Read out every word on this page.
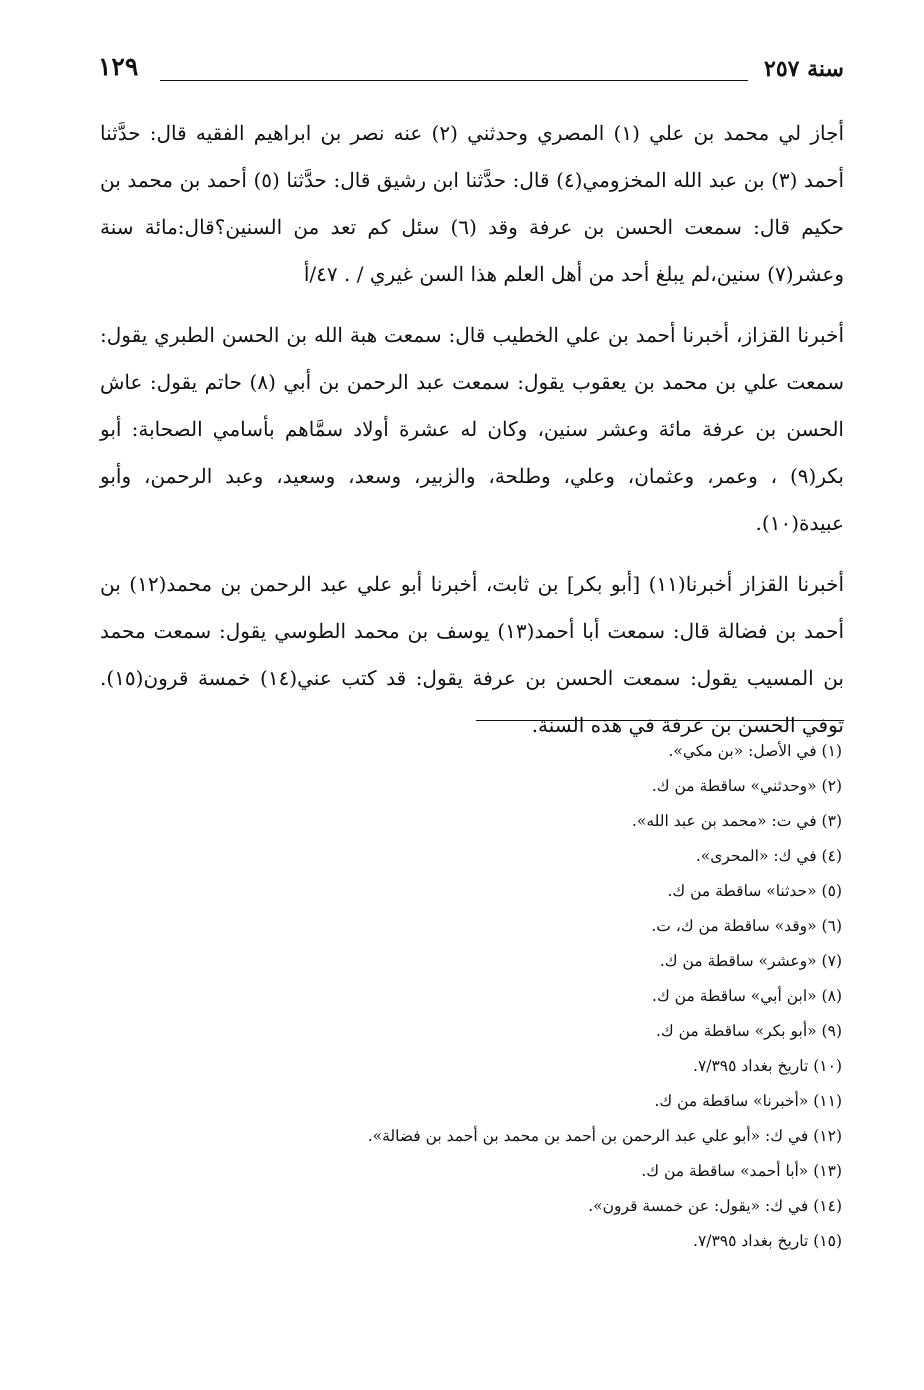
سنة ٢٥٧
١٢٩

أجاز لي محمد بن علي (١) المصري وحدثني (٢) عنه نصر بن ابراهيم الفقيه قال: حدَّثنا أحمد (٣) بن عبد الله المخزومي(٤) قال: حدَّثنا ابن رشيق قال: حدَّثنا (٥) أحمد بن محمد بن حكيم قال: سمعت الحسن بن عرفة وقد (٦) سئل كم تعد من السنين؟قال:مائة سنة وعشر(٧) سنين،لم يبلغ أحد من أهل العلم هذا السن غيري / . ٤٧/أ

أخبرنا القزاز، أخبرنا أحمد بن علي الخطيب قال: سمعت هبة الله بن الحسن الطبري يقول: سمعت علي بن محمد بن يعقوب يقول: سمعت عبد الرحمن بن أبي (٨) حاتم يقول: عاش الحسن بن عرفة مائة وعشر سنين، وكان له عشرة أولاد سمَّاهم بأسامي الصحابة: أبو بكر(٩) ، وعمر، وعثمان، وعلي، وطلحة، والزبير، وسعد، وسعيد، وعبد الرحمن، وأبو عبيدة(١٠).

أخبرنا القزاز أخبرنا(١١) [أبو بكر] بن ثابت، أخبرنا أبو علي عبد الرحمن بن محمد(١٢) بن أحمد بن فضالة قال: سمعت أبا أحمد(١٣) يوسف بن محمد الطوسي يقول: سمعت محمد بن المسيب يقول: سمعت الحسن بن عرفة يقول: قد كتب عني(١٤) خمسة قرون(١٥). توفي الحسن بن عرفة في هذه السنة.

(١) في الأصل: «بن مكي».
(٢) «وحدثني» ساقطة من ك.
(٣) في ت: «محمد بن عبد الله».
(٤) في ك: «المحرى».
(٥) «حدثنا» ساقطة من ك.
(٦) «وقد» ساقطة من ك، ت.
(٧) «وعشر» ساقطة من ك.
(٨) «ابن أبي» ساقطة من ك.
(٩) «أبو بكر» ساقطة من ك.
(١٠) تاريخ بغداد ٧/٣٩٥.
(١١) «أخبرنا» ساقطة من ك.
(١٢) في ك: «أبو علي عبد الرحمن بن أحمد بن محمد بن أحمد بن فضالة».
(١٣) «أبا أحمد» ساقطة من ك.
(١٤) في ك: «يقول: عن خمسة قرون».
(١٥) تاريخ بغداد ٧/٣٩٥.
